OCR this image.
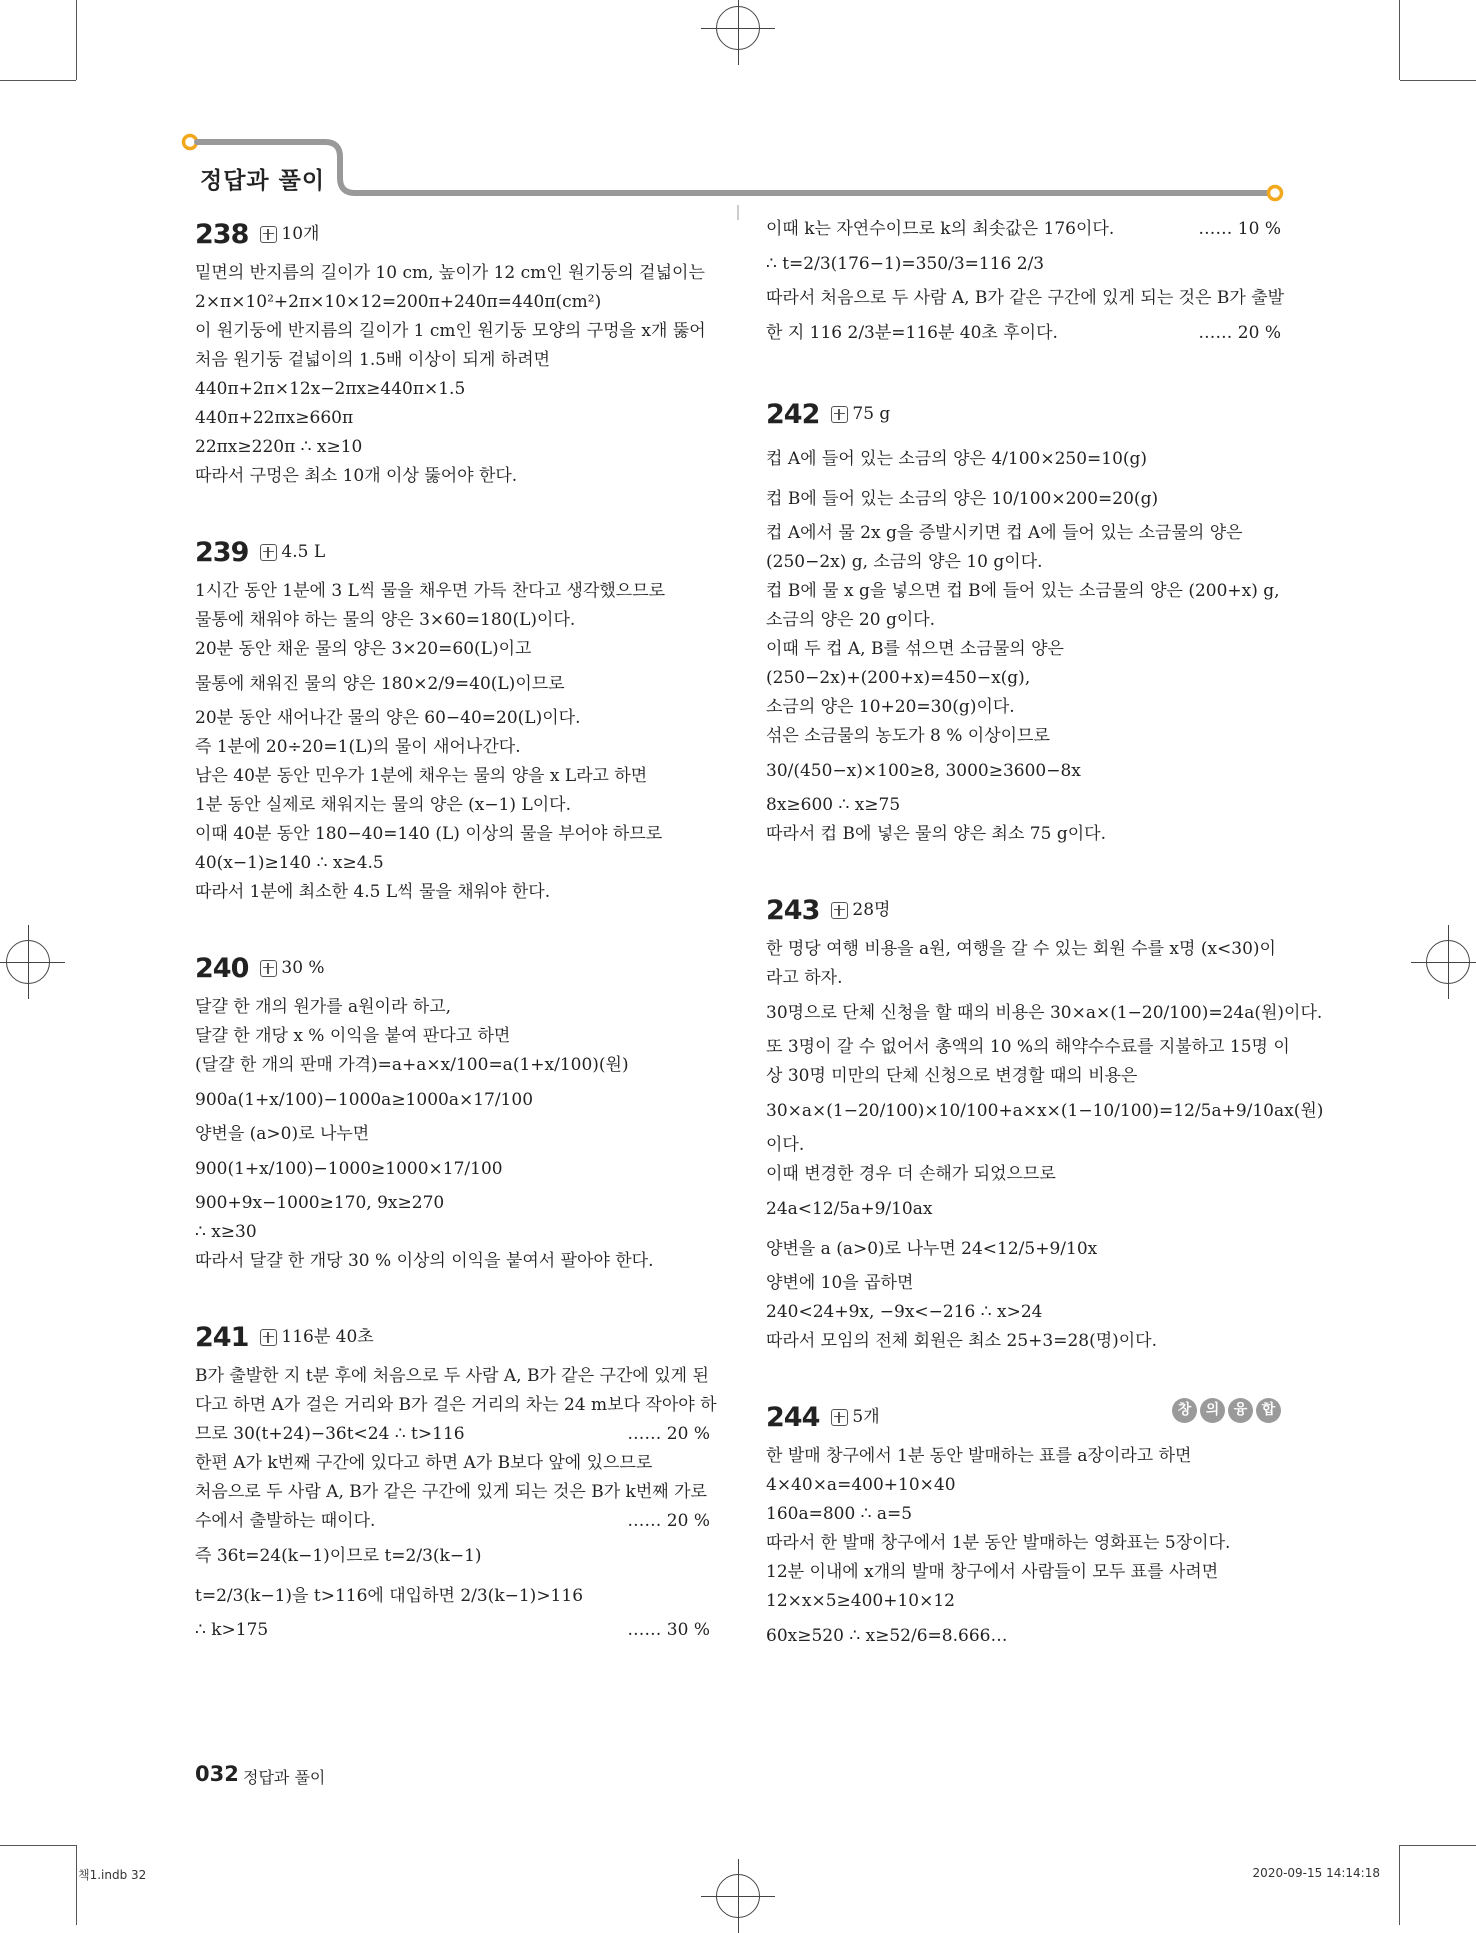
정답과 풀이
238 10개
밑면의 반지름의 길이가 10 cm, 높이가 12 cm인 원기둥의 겉넓이는
2×π×10²+2π×10×12=200π+240π=440π(cm²)
이 원기둥에 반지름의 길이가 1 cm인 원기둥 모양의 구멍을 x개 뚫어
처음 원기둥 겉넓이의 1.5배 이상이 되게 하려면
440π+2π×12x−2πx≥440π×1.5
440π+22πx≥660π
22πx≥220π ∴ x≥10
따라서 구멍은 최소 10개 이상 뚫어야 한다.
239 4.5 L
1시간 동안 1분에 3 L씩 물을 채우면 가득 찬다고 생각했으므로
물통에 채워야 하는 물의 양은 3×60=180(L)이다.
20분 동안 채운 물의 양은 3×20=60(L)이고
물통에 채워진 물의 양은 180×2/9=40(L)이므로
20분 동안 새어나간 물의 양은 60−40=20(L)이다.
즉 1분에 20÷20=1(L)의 물이 새어나간다.
남은 40분 동안 민우가 1분에 채우는 물의 양을 x L라고 하면
1분 동안 실제로 채워지는 물의 양은 (x−1) L이다.
이때 40분 동안 180−40=140 (L) 이상의 물을 부어야 하므로
40(x−1)≥140 ∴ x≥4.5
따라서 1분에 최소한 4.5 L씩 물을 채워야 한다.
240 30 %
달걀 한 개의 원가를 a원이라 하고,
달걀 한 개당 x % 이익을 붙여 판다고 하면
(달걀 한 개의 판매 가격)=a+a×x/100=a(1+x/100)(원)
900a(1+x/100)−1000a≥1000a×17/100
양변을 (a>0)로 나누면
900(1+x/100)−1000≥1000×17/100
900+9x−1000≥170, 9x≥270
∴ x≥30
따라서 달걀 한 개당 30 % 이상의 이익을 붙여서 팔아야 한다.
241 116분 40초
B가 출발한 지 t분 후에 처음으로 두 사람 A, B가 같은 구간에 있게 된
다고 하면 A가 걸은 거리와 B가 걸은 거리의 차는 24 m보다 작아야 하
므로 30(t+24)−36t<24 ∴ t>116	…… 20 %
한편 A가 k번째 구간에 있다고 하면 A가 B보다 앞에 있으므로
처음으로 두 사람 A, B가 같은 구간에 있게 되는 것은 B가 k번째 가로
수에서 출발하는 때이다.	…… 20 %
즉 36t=24(k−1)이므로 t=2/3(k−1)
t=2/3(k−1)을 t>116에 대입하면 2/3(k−1)>116
∴ k>175	…… 30 %
이때 k는 자연수이므로 k의 최솟값은 176이다.	…… 10 %
∴ t=2/3(176−1)=350/3=116 2/3
따라서 처음으로 두 사람 A, B가 같은 구간에 있게 되는 것은 B가 출발
한 지 116 2/3분=116분 40초 후이다.	…… 20 %
242 75 g
컵 A에 들어 있는 소금의 양은 4/100×250=10(g)
컵 B에 들어 있는 소금의 양은 10/100×200=20(g)
컵 A에서 물 2x g을 증발시키면 컵 A에 들어 있는 소금물의 양은
(250−2x) g, 소금의 양은 10 g이다.
컵 B에 물 x g을 넣으면 컵 B에 들어 있는 소금물의 양은 (200+x) g,
소금의 양은 20 g이다.
이때 두 컵 A, B를 섞으면 소금물의 양은
(250−2x)+(200+x)=450−x(g),
소금의 양은 10+20=30(g)이다.
섞은 소금물의 농도가 8 % 이상이므로
30/(450−x)×100≥8, 3000≥3600−8x
8x≥600 ∴ x≥75
따라서 컵 B에 넣은 물의 양은 최소 75 g이다.
243 28명
한 명당 여행 비용을 a원, 여행을 갈 수 있는 회원 수를 x명 (x<30)이
라고 하자.
30명으로 단체 신청을 할 때의 비용은 30×a×(1−20/100)=24a(원)이다.
또 3명이 갈 수 없어서 총액의 10 %의 해약수수료를 지불하고 15명 이
상 30명 미만의 단체 신청으로 변경할 때의 비용은
30×a×(1−20/100)×10/100+a×x×(1−10/100)=12/5a+9/10ax(원)
이다.
이때 변경한 경우 더 손해가 되었으므로
24a<12/5a+9/10ax
양변을 a (a>0)로 나누면 24<12/5+9/10x
양변에 10을 곱하면
240<24+9x, −9x<−216 ∴ x>24
따라서 모임의 전체 회원은 최소 25+3=28(명)이다.
244 5개	창	의	융	합
한 발매 창구에서 1분 동안 발매하는 표를 a장이라고 하면
4×40×a=400+10×40
160a=800 ∴ a=5
따라서 한 발매 창구에서 1분 동안 발매하는 영화표는 5장이다.
12분 이내에 x개의 발매 창구에서 사람들이 모두 표를 사려면
12×x×5≥400+10×12
60x≥520 ∴ x≥52/6=8.666…
032 정답과 풀이
책1.indb 32	2020-09-15 14:14:18
